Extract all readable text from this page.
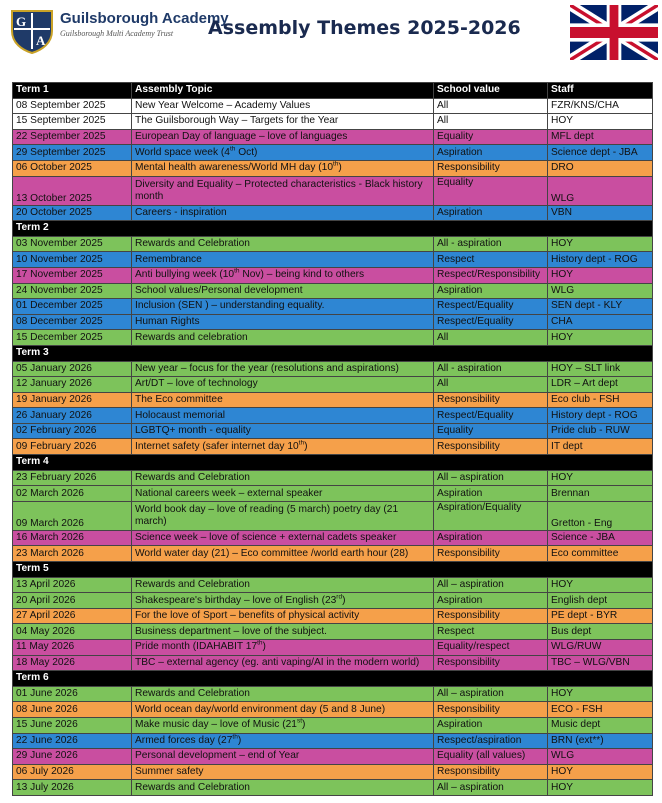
G
A
Guilsborough Academy
Guilsborough Multi Academy Trust	Assembly Themes 2025-2026
Term 1	Assembly Topic	School value	Staff
08 September 2025	New Year Welcome – Academy Values	All	FZR/KNS/CHA
15 September 2025	The Guilsborough Way – Targets for the Year	All	HOY
22 September 2025	European Day of language – love of languages	Equality	MFL dept
29 September 2025	World space week (4th Oct)	Aspiration	Science dept - JBA
06 October 2025	Mental health awareness/World MH day (10th)	Responsibility	DRO
13 October 2025	Diversity and Equality – Protected characteristics - Black history month	Equality	WLG
20 October 2025	Careers - inspiration	Aspiration	VBN
Term 2			
03 November 2025	Rewards and Celebration	All - aspiration	HOY
10 November 2025	Remembrance	Respect	History dept - ROG
17 November 2025	Anti bullying week (10th Nov) – being kind to others	Respect/Responsibility	HOY
24 November 2025	School values/Personal development	Aspiration	WLG
01 December 2025	Inclusion (SEN ) – understanding equality.	Respect/Equality	SEN dept - KLY
08 December 2025	Human Rights	Respect/Equality	CHA
15 December 2025	Rewards and celebration	All	HOY
Term 3			
05 January 2026	New year – focus for the year (resolutions and aspirations)	All - aspiration	HOY – SLT link
12 January 2026	Art/DT – love of technology	All	LDR – Art dept
19 January 2026	The Eco committee	Responsibility	Eco club - FSH
26 January 2026	Holocaust memorial	Respect/Equality	History dept - ROG
02 February 2026	LGBTQ+ month - equality	Equality	Pride club - RUW
09 February 2026	Internet safety (safer internet day 10th)	Responsibility	IT dept
Term 4			
23 February 2026	Rewards and Celebration	All – aspiration	HOY
02 March 2026	National careers week – external speaker	Aspiration	Brennan
09 March 2026	World book day – love of reading (5 march) poetry day (21 march)	Aspiration/Equality	Gretton - Eng
16 March 2026	Science week – love of science + external cadets speaker	Aspiration	Science - JBA
23 March 2026	World water day (21) – Eco committee /world earth hour (28)	Responsibility	Eco committee
Term 5			
13 April 2026	Rewards and Celebration	All – aspiration	HOY
20 April 2026	Shakespeare's birthday – love of English (23rd)	Aspiration	English dept
27 April 2026	For the love of Sport – benefits of physical activity	Responsibility	PE dept - BYR
04 May 2026	Business department – love of the subject.	Respect	Bus dept
11 May 2026	Pride month (IDAHABIT 17th)	Equality/respect	WLG/RUW
18 May 2026	TBC – external agency (eg. anti vaping/AI in the modern world)	Responsibility	TBC – WLG/VBN
Term 6			
01 June 2026	Rewards and Celebration	All – aspiration	HOY
08 June 2026	World ocean day/world environment day (5 and 8 June)	Responsibility	ECO - FSH
15 June 2026	Make music day – love of Music (21st)	Aspiration	Music dept
22 June 2026	Armed forces day (27th)	Respect/aspiration	BRN (ext**)
29 June 2026	Personal development – end of Year	Equality (all values)	WLG
06 July 2026	Summer safety	Responsibility	HOY
13 July 2026	Rewards and Celebration	All – aspiration	HOY
